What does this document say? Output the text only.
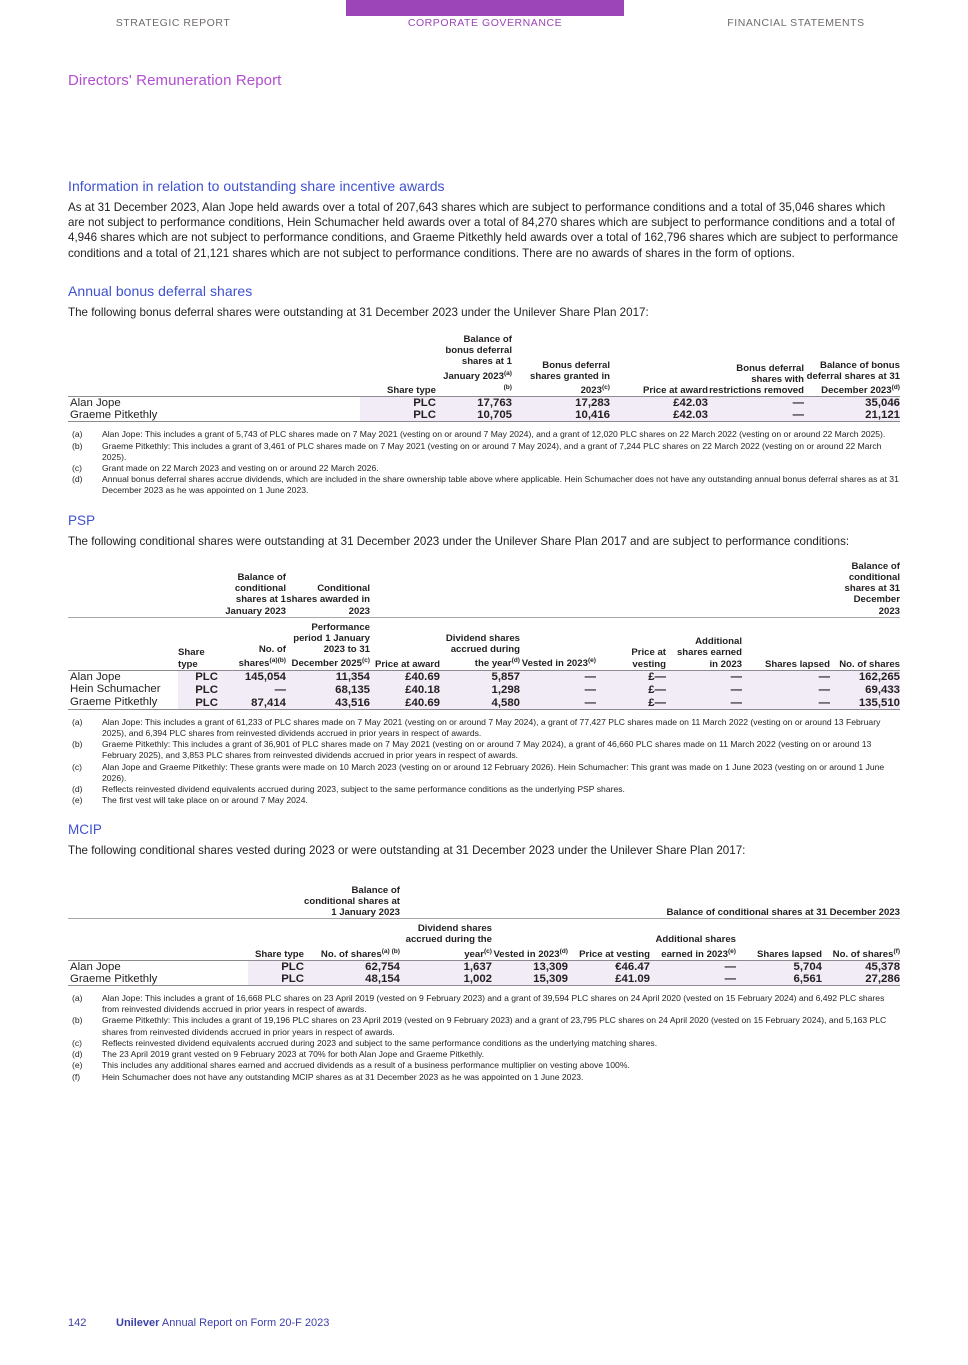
STRATEGIC REPORT	CORPORATE GOVERNANCE	FINANCIAL STATEMENTS
Directors' Remuneration Report
Information in relation to outstanding share incentive awards

As at 31 December 2023, Alan Jope held awards over a total of 207,643 shares which are subject to performance conditions and a total of 35,046 shares which are not subject to performance conditions, Hein Schumacher held awards over a total of 84,270 shares which are subject to performance conditions and a total of 4,946 shares which are not subject to performance conditions, and Graeme Pitkethly held awards over a total of 162,796 shares which are subject to performance conditions and a total of 21,121 shares which are not subject to performance conditions. There are no awards of shares in the form of options.

Annual bonus deferral shares

The following bonus deferral shares were outstanding at 31 December 2023 under the Unilever Share Plan 2017:

	Share type	Balance of bonus deferral shares at 1 January $2023^{(a)(b)}$	Bonus deferral shares granted in 2023$^{(c)}$	Price at award	Bonus deferral shares with restrictions removed	Balance of bonus deferral shares at 31 December 2023$^{(d)}$
Alan Jope	PLC	17,763	17,283	£42.03	—	35,046
Graeme Pitkethly	PLC	10,705	10,416	£42.03	—	21,121
(a)	Alan Jope: This includes a grant of 5,743 of PLC shares made on 7 May 2021 (vesting on or around 7 May 2024), and a grant of 12,020 PLC shares on 22 March 2022 (vesting on or around 22 March 2025).
(b)	Graeme Pitkethly: This includes a grant of 3,461 of PLC shares made on 7 May 2021 (vesting on or around 7 May 2024), and a grant of 7,244 PLC shares on 22 March 2022 (vesting on or around 22 March 2025).
(c)	Grant made on 22 March 2023 and vesting on or around 22 March 2026.
(d)	Annual bonus deferral shares accrue dividends, which are included in the share ownership table above where applicable. Hein Schumacher does not have any outstanding annual bonus deferral shares as at 31 December 2023 as he was appointed on 1 June 2023.
PSP

The following conditional shares were outstanding at 31 December 2023 under the Unilever Share Plan 2017 and are subject to performance conditions:

		Balance of conditional shares at 1 January 2023	Conditional shares awarded in 2023							Balance of conditional shares at 31 December 2023
	Share type	No. of shares$^{(a)(b)}$	Performance period 1 January 2023 to 31 December 2025$^{(c)}$	Price at award	Dividend shares accrued during the year$^{(d)}$	Vested in 2023$^{(e)}$	Price at vesting	Additional shares earned in 2023	Shares lapsed	No. of shares
Alan Jope	PLC	145,054	11,354	£40.69	5,857	—	£—	—	—	162,265
Hein Schumacher	PLC	—	68,135	£40.18	1,298	—	£—	—	—	69,433
Graeme Pitkethly	PLC	87,414	43,516	£40.69	4,580	—	£—	—	—	135,510
(a)	Alan Jope: This includes a grant of 61,233 of PLC shares made on 7 May 2021 (vesting on or around 7 May 2024), a grant of 77,427 PLC shares made on 11 March 2022 (vesting on or around 13 February 2025), and 6,394 PLC shares from reinvested dividends accrued in prior years in respect of awards.
(b)	Graeme Pitkethly: This includes a grant of 36,901 of PLC shares made on 7 May 2021 (vesting on or around 7 May 2024), a grant of 46,660 PLC shares made on 11 March 2022 (vesting on or around 13 February 2025), and 3,853 PLC shares from reinvested dividends accrued in prior years in respect of awards.
(c)	Alan Jope and Graeme Pitkethly: These grants were made on 10 March 2023 (vesting on or around 12 February 2026). Hein Schumacher: This grant was made on 1 June 2023 (vesting on or around 1 June 2026).
(d)	Reflects reinvested dividend equivalents accrued during 2023, subject to the same performance conditions as the underlying PSP shares.
(e)	The first vest will take place on or around 7 May 2024.
MCIP

The following conditional shares vested during 2023 or were outstanding at 31 December 2023 under the Unilever Share Plan 2017:

		Balance of conditional shares at 1 January 2023	Balance of conditional shares at 31 December 2023					
	Share type	No. of shares$^{(a) (b)}$	Dividend shares accrued during the year$^{(c)}$	Vested in 2023$^{(d)}$	Price at vesting	Additional shares earned in 2023$^{(e)}$	Shares lapsed	No. of shares$^{(f)}$
Alan Jope	PLC	62,754	1,637	13,309	€46.47	—	5,704	45,378
Graeme Pitkethly	PLC	48,154	1,002	15,309	£41.09	—	6,561	27,286
(a)	Alan Jope: This includes a grant of 16,668 PLC shares on 23 April 2019 (vested on 9 February 2023) and a grant of 39,594 PLC shares on 24 April 2020 (vested on 15 February 2024) and 6,492 PLC shares from reinvested dividends accrued in prior years in respect of awards.
(b)	Graeme Pitkethly: This includes a grant of 19,196 PLC shares on 23 April 2019 (vested on 9 February 2023) and a grant of 23,795 PLC shares on 24 April 2020 (vested on 15 February 2024), and 5,163 PLC shares from reinvested dividends accrued in prior years in respect of awards.
(c)	Reflects reinvested dividend equivalents accrued during 2023 and subject to the same performance conditions as the underlying matching shares.
(d)	The 23 April 2019 grant vested on 9 February 2023 at 70% for both Alan Jope and Graeme Pitkethly.
(e)	This includes any additional shares earned and accrued dividends as a result of a business performance multiplier on vesting above 100%.
(f)	Hein Schumacher does not have any outstanding MCIP shares as at 31 December 2023 as he was appointed on 1 June 2023.
142	Unilever Annual Report on Form 20-F 2023
